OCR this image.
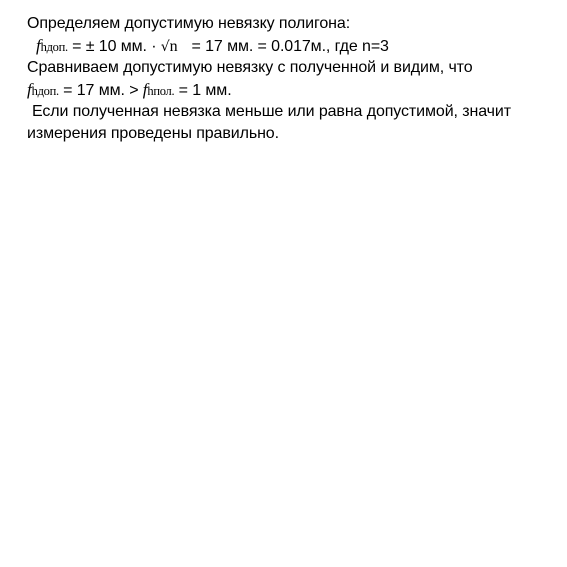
Определяем допустимую невязку полигона:
fhдоп. = ± 10 мм. · √n = 17 мм. = 0.017м., где n=3
Сравниваем допустимую невязку с полученной и видим, что
fhдоп. = 17 мм. > fhпол. = 1 мм.
Если полученная невязка меньше или равна допустимой, значит
измерения проведены правильно.
